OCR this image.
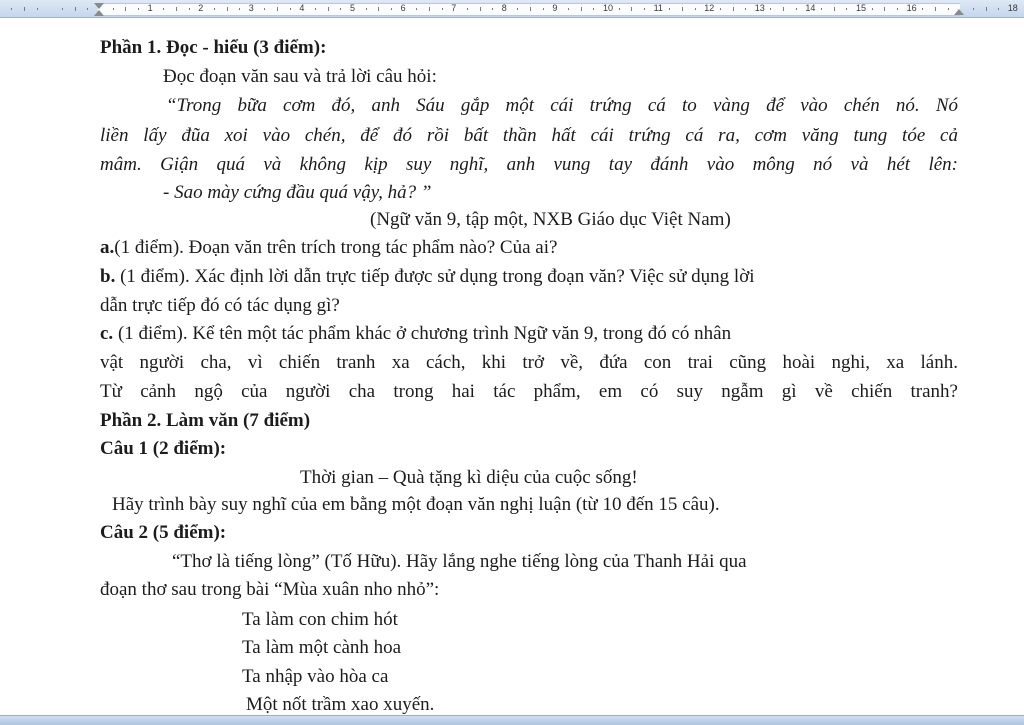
1	2	3	4	5	6	7	8	9	10	11	12	13	14	15	16	18
Phần 1. Đọc - hiểu (3 điểm):
Đọc đoạn văn sau và trả lời câu hỏi:
“Trong bữa cơm đó, anh Sáu gắp một cái trứng cá to vàng để vào chén nó. Nó
liền lấy đũa xoi vào chén, để đó rồi bất thần hất cái trứng cá ra, cơm văng tung tóe cả
mâm. Giận quá và không kịp suy nghĩ, anh vung tay đánh vào mông nó và hét lên:
- Sao mày cứng đầu quá vậy, hả? ”
(Ngữ văn 9, tập một, NXB Giáo dục Việt Nam)
a.(1 điểm). Đoạn văn trên trích trong tác phẩm nào? Của ai?
b. (1 điểm). Xác định lời dẫn trực tiếp được sử dụng trong đoạn văn? Việc sử dụng lời
dẫn trực tiếp đó có tác dụng gì?
c. (1 điểm). Kể tên một tác phẩm khác ở chương trình Ngữ văn 9, trong đó có nhân
vật người cha, vì chiến tranh xa cách, khi trở về, đứa con trai cũng hoài nghi, xa lánh.
Từ cảnh ngộ của người cha trong hai tác phẩm, em có suy ngẫm gì về chiến tranh?
Phần 2. Làm văn (7 điểm)
Câu 1 (2 điểm):
Thời gian – Quà tặng kì diệu của cuộc sống!
Hãy trình bày suy nghĩ của em bằng một đoạn văn nghị luận (từ 10 đến 15 câu).
Câu 2 (5 điểm):
“Thơ là tiếng lòng” (Tố Hữu). Hãy lắng nghe tiếng lòng của Thanh Hải qua
đoạn thơ sau trong bài “Mùa xuân nho nhỏ”:
Ta làm con chim hót
Ta làm một cành hoa
Ta nhập vào hòa ca
Một nốt trầm xao xuyến.
